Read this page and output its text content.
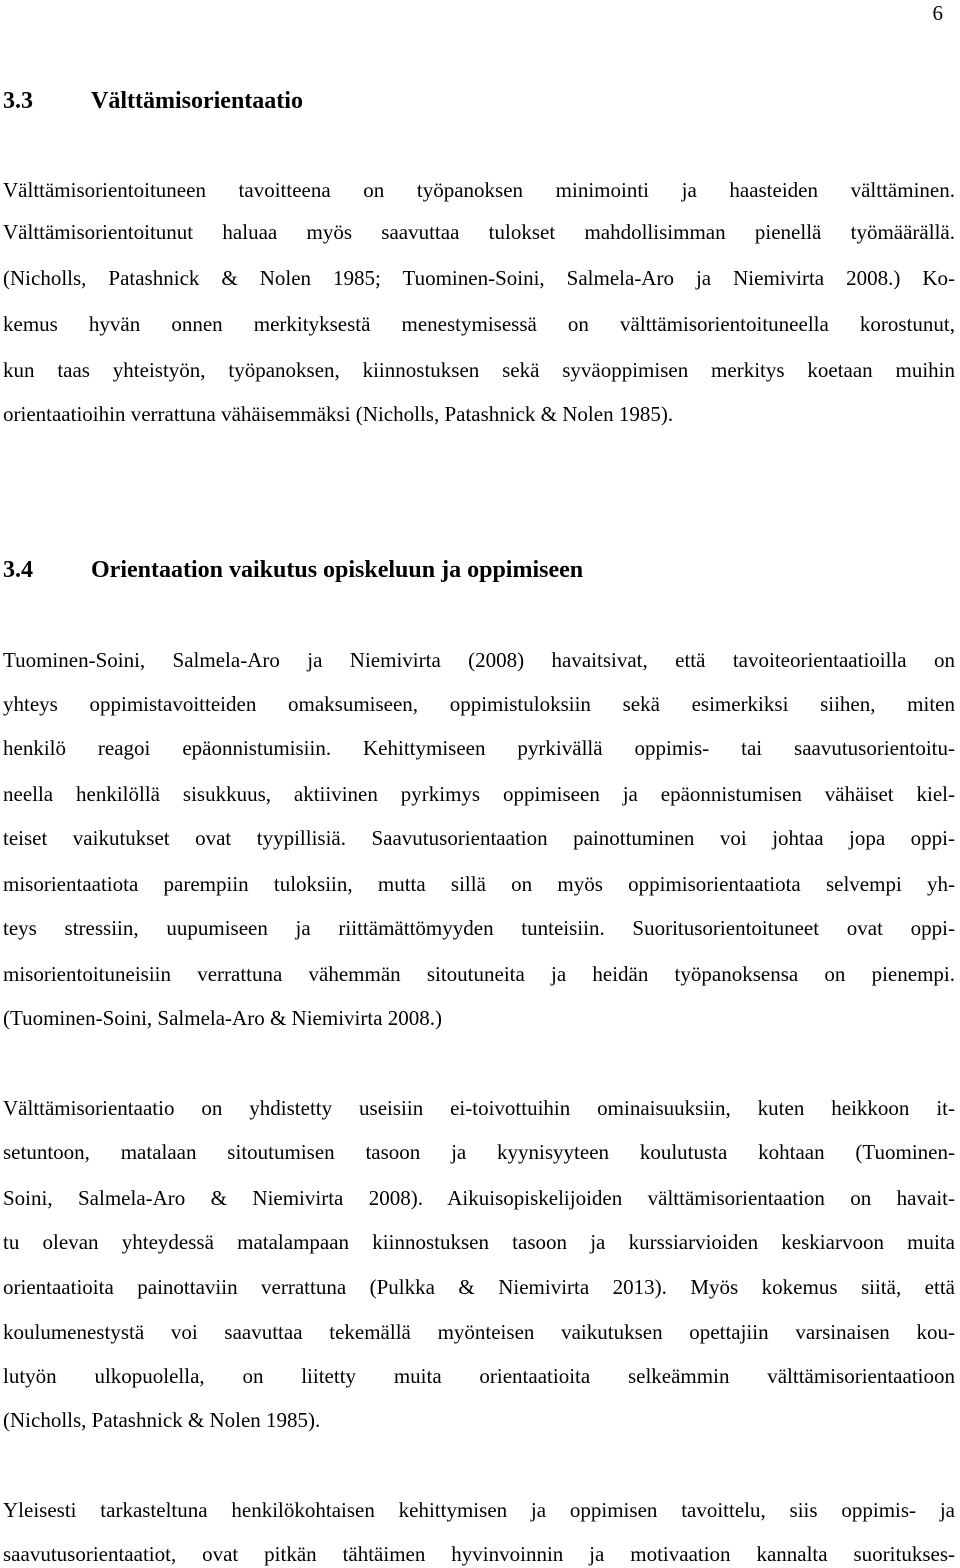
6
3.3 Välttämisorientaatio
Välttämisorientoituneen tavoitteena on työpanoksen minimointi ja haasteiden välttäminen.
Välttämisorientoitunut haluaa myös saavuttaa tulokset mahdollisimman pienellä työmäärällä.
(Nicholls, Patashnick & Nolen 1985; Tuominen-Soini, Salmela-Aro ja Niemivirta 2008.) Ko-
kemus hyvän onnen merkityksestä menestymisessä on välttämisorientoituneella korostunut,
kun taas yhteistyön, työpanoksen, kiinnostuksen sekä syväoppimisen merkitys koetaan muihin
orientaatioihin verrattuna vähäisemmäksi (Nicholls, Patashnick & Nolen 1985).
3.4 Orientaation vaikutus opiskeluun ja oppimiseen
Tuominen-Soini, Salmela-Aro ja Niemivirta (2008) havaitsivat, että tavoiteorientaatioilla on
yhteys oppimistavoitteiden omaksumiseen, oppimistuloksiin sekä esimerkiksi siihen, miten
henkilö reagoi epäonnistumisiin. Kehittymiseen pyrkivällä oppimis- tai saavutusorientoitu-
neella henkilöllä sisukkuus, aktiivinen pyrkimys oppimiseen ja epäonnistumisen vähäiset kiel-
teiset vaikutukset ovat tyypillisiä. Saavutusorientaation painottuminen voi johtaa jopa oppi-
misorientaatiota parempiin tuloksiin, mutta sillä on myös oppimisorientaatiota selvempi yh-
teys stressiin, uupumiseen ja riittämättömyyden tunteisiin. Suoritusorientoituneet ovat oppi-
misorientoituneisiin verrattuna vähemmän sitoutuneita ja heidän työpanoksensa on pienempi.
(Tuominen-Soini, Salmela-Aro & Niemivirta 2008.)
Välttämisorientaatio on yhdistetty useisiin ei-toivottuihin ominaisuuksiin, kuten heikkoon it-
setuntoon, matalaan sitoutumisen tasoon ja kyynisyyteen koulutusta kohtaan (Tuominen-
Soini, Salmela-Aro & Niemivirta 2008). Aikuisopiskelijoiden välttämisorientaation on havait-
tu olevan yhteydessä matalampaan kiinnostuksen tasoon ja kurssiarvioiden keskiarvoon muita
orientaatioita painottaviin verrattuna (Pulkka & Niemivirta 2013). Myös kokemus siitä, että
koulumenestystä voi saavuttaa tekemällä myönteisen vaikutuksen opettajiin varsinaisen kou-
lutyön ulkopuolella, on liitetty muita orientaatioita selkeämmin välttämisorientaatioon
(Nicholls, Patashnick & Nolen 1985).
Yleisesti tarkasteltuna henkilökohtaisen kehittymisen ja oppimisen tavoittelu, siis oppimis- ja
saavutusorientaatiot, ovat pitkän tähtäimen hyvinvoinnin ja motivaation kannalta suoritukses-
